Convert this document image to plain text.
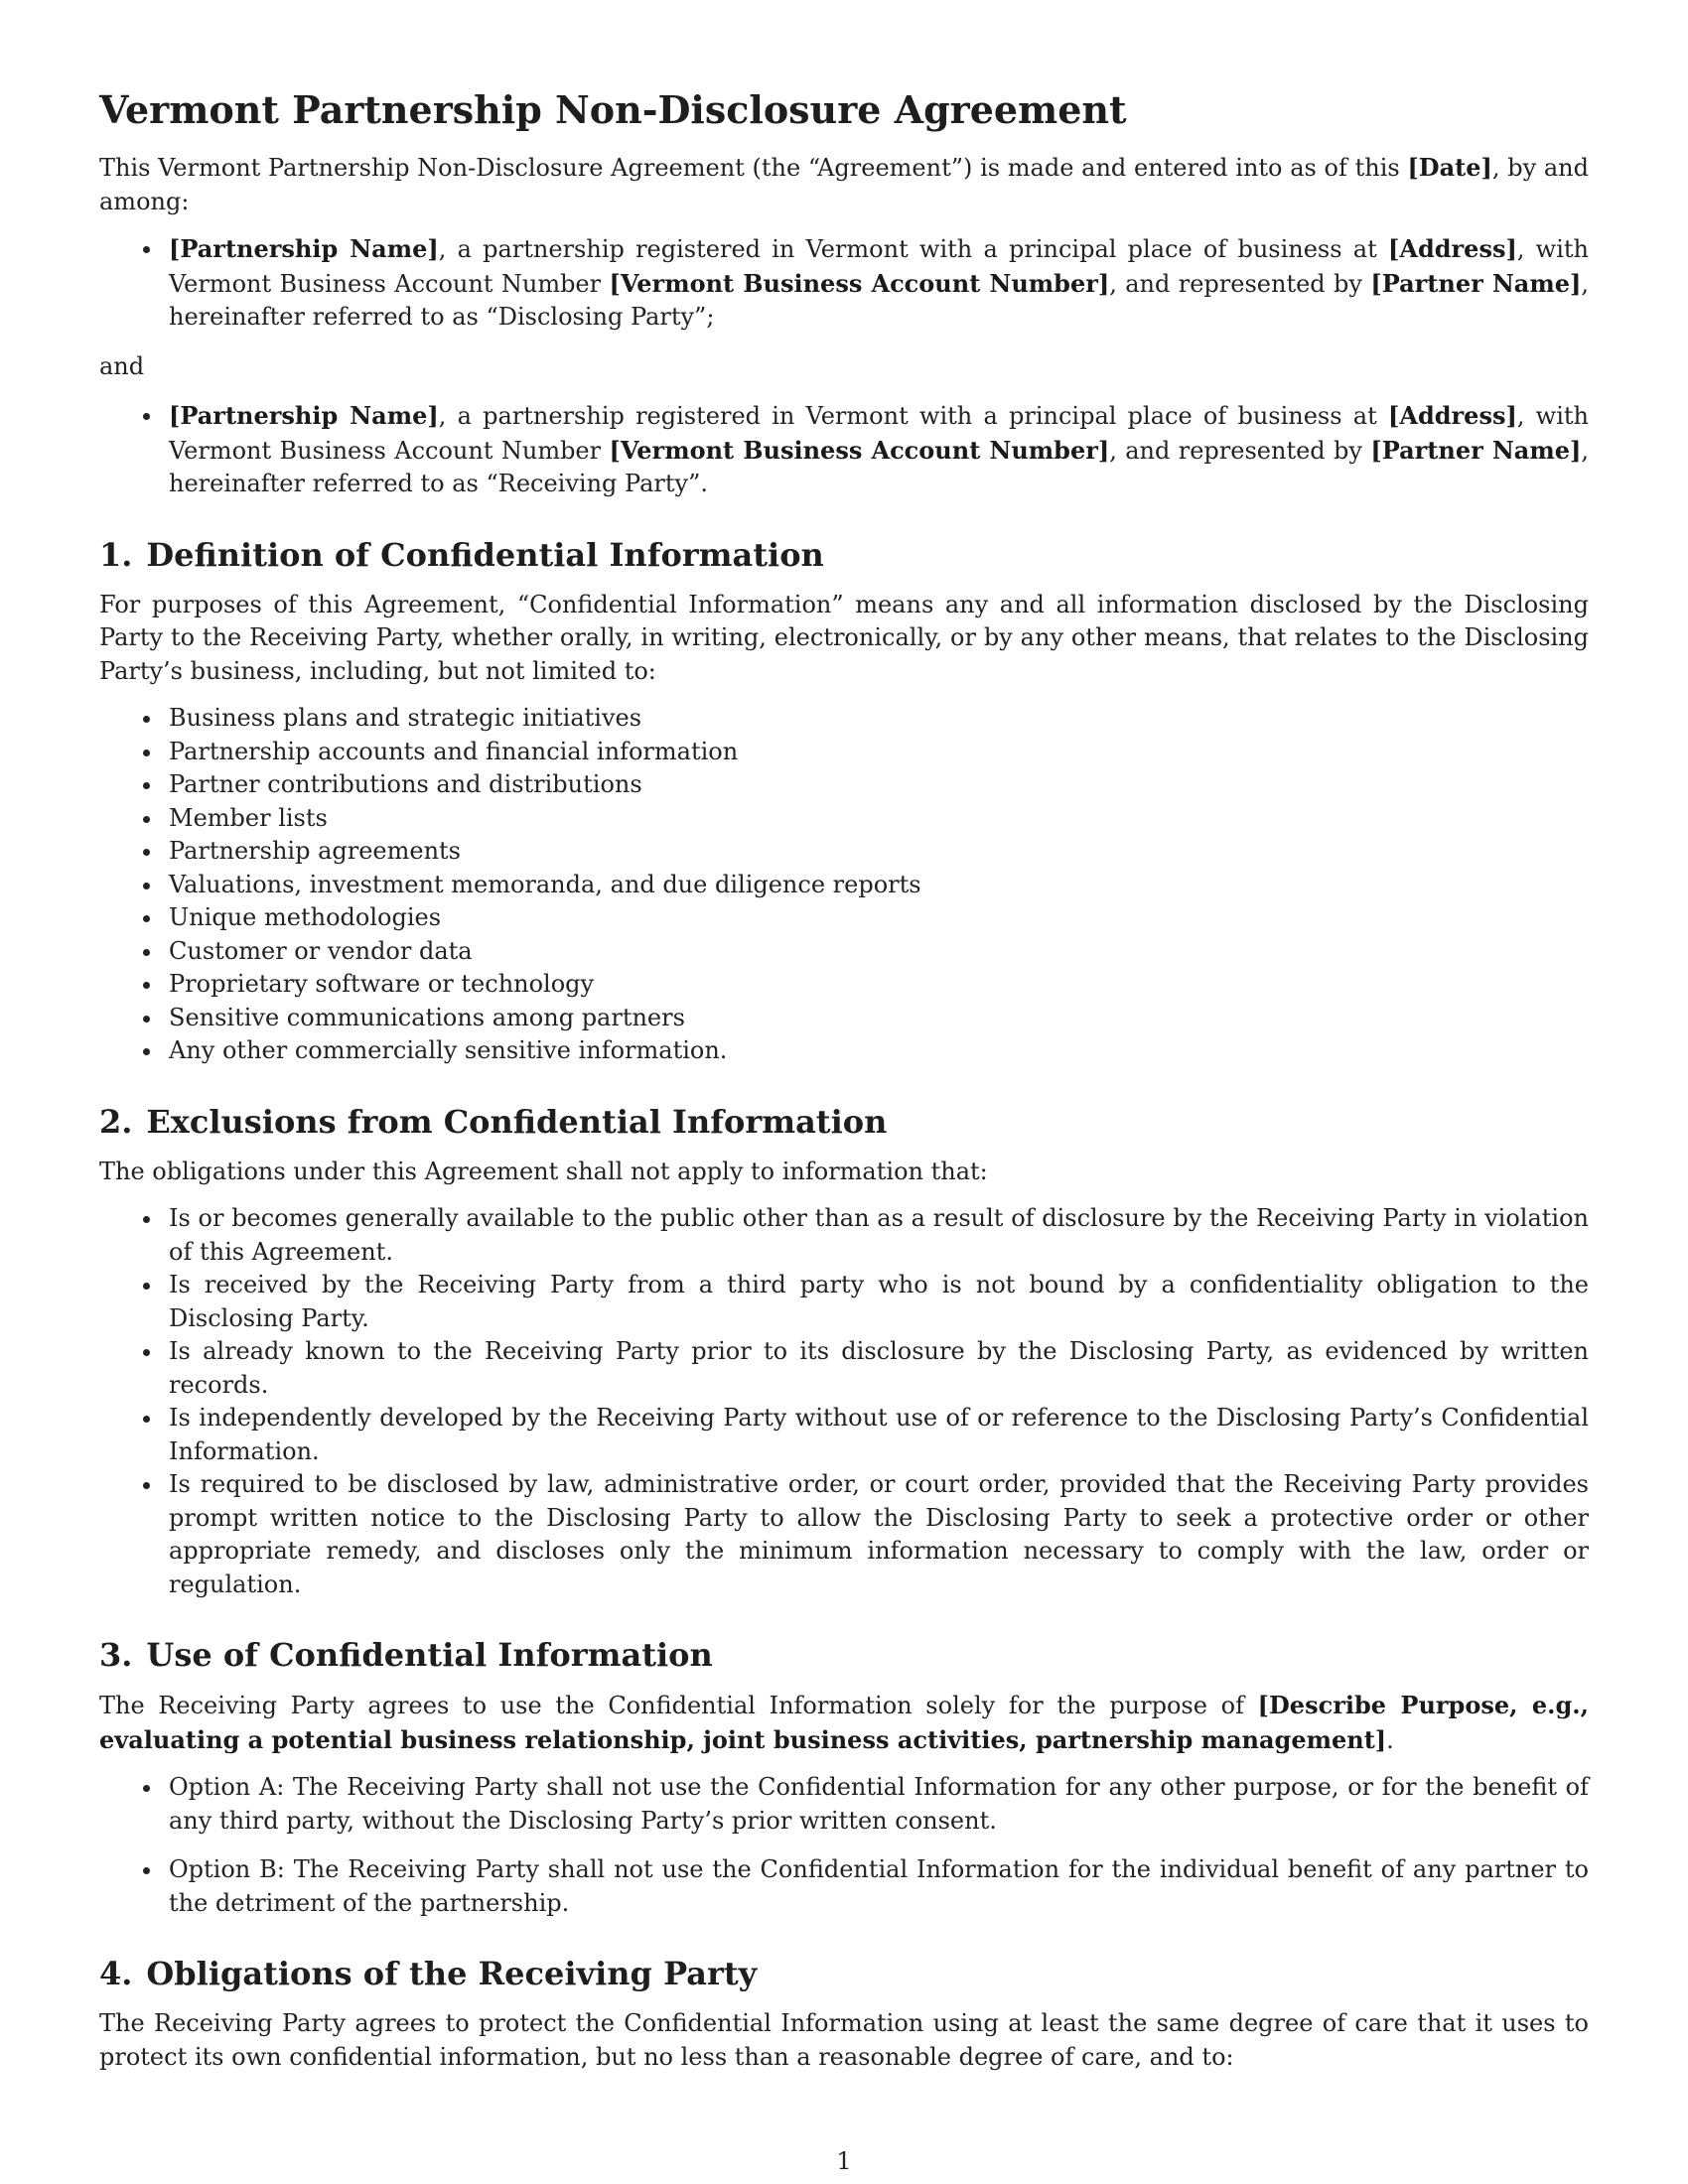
Vermont Partnership Non-Disclosure Agreement

This Vermont Partnership Non-Disclosure Agreement (the “Agreement”) is made and entered into as of this [Date], by and among:

[Partnership Name], a partnership registered in Vermont with a principal place of business at [Address], with Vermont Business Account Number [Vermont Business Account Number], and represented by [Partner Name], hereinafter referred to as “Disclosing Party”;
and
[Partnership Name], a partnership registered in Vermont with a principal place of business at [Address], with Vermont Business Account Number [Vermont Business Account Number], and represented by [Partner Name], hereinafter referred to as “Receiving Party”.
1. Definition of Confidential Information

For purposes of this Agreement, “Confidential Information” means any and all information disclosed by the Disclosing Party to the Receiving Party, whether orally, in writing, electronically, or by any other means, that relates to the Disclosing Party’s business, including, but not limited to:

Business plans and strategic initiatives
Partnership accounts and financial information
Partner contributions and distributions
Member lists
Partnership agreements
Valuations, investment memoranda, and due diligence reports
Unique methodologies
Customer or vendor data
Proprietary software or technology
Sensitive communications among partners
Any other commercially sensitive information.
2. Exclusions from Confidential Information

The obligations under this Agreement shall not apply to information that:

Is or becomes generally available to the public other than as a result of disclosure by the Receiving Party in violation of this Agreement.
Is received by the Receiving Party from a third party who is not bound by a confidentiality obligation to the Disclosing Party.
Is already known to the Receiving Party prior to its disclosure by the Disclosing Party, as evidenced by written records.
Is independently developed by the Receiving Party without use of or reference to the Disclosing Party’s Confidential Information.
Is required to be disclosed by law, administrative order, or court order, provided that the Receiving Party provides prompt written notice to the Disclosing Party to allow the Disclosing Party to seek a protective order or other appropriate remedy, and discloses only the minimum information necessary to comply with the law, order or regulation.
3. Use of Confidential Information

The Receiving Party agrees to use the Confidential Information solely for the purpose of [Describe Purpose, e.g., evaluating a potential business relationship, joint business activities, partnership management].

Option A: The Receiving Party shall not use the Confidential Information for any other purpose, or for the benefit of any third party, without the Disclosing Party’s prior written consent.
Option B: The Receiving Party shall not use the Confidential Information for the individual benefit of any partner to the detriment of the partnership.
4. Obligations of the Receiving Party

The Receiving Party agrees to protect the Confidential Information using at least the same degree of care that it uses to protect its own confidential information, but no less than a reasonable degree of care, and to:

1
